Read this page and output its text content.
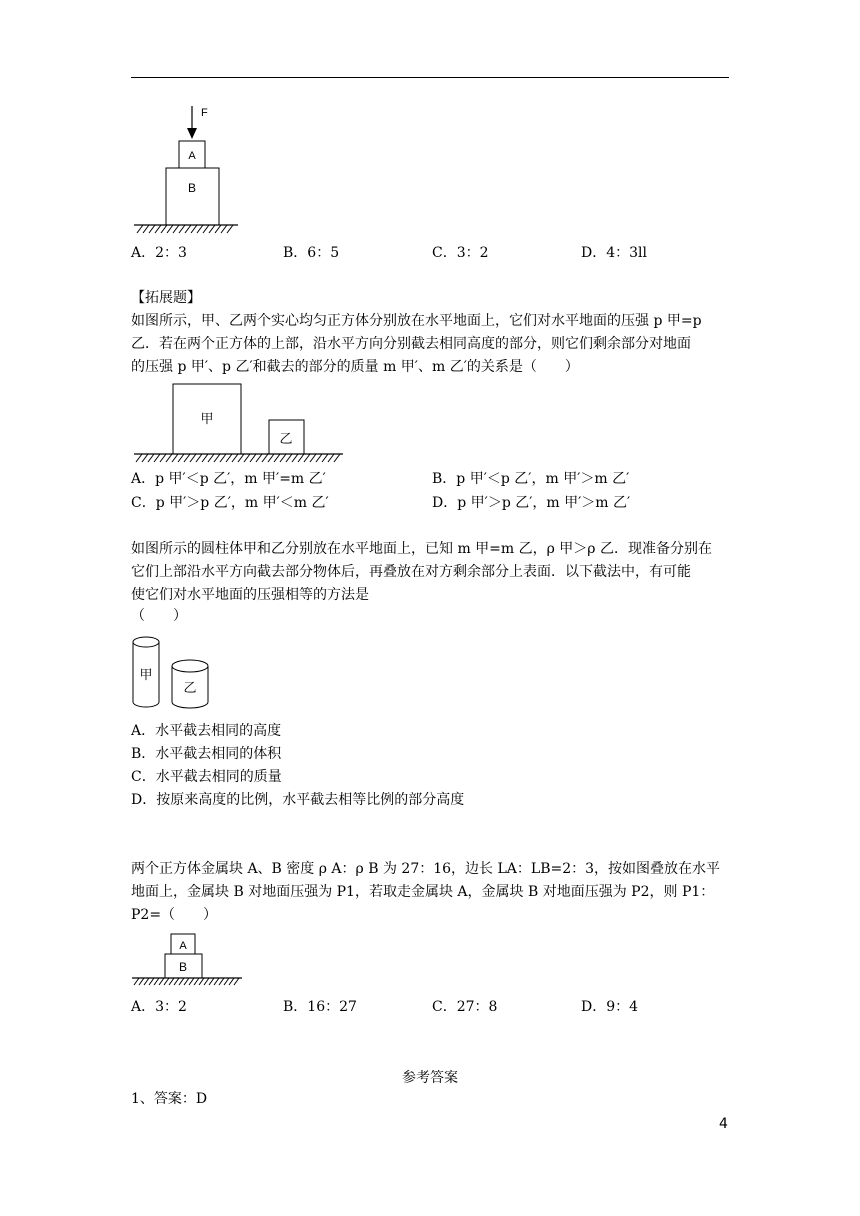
F
A
B
A．2：3	B．6：5	C．3：2	D．4：3ll
【拓展题】
如图所示，甲、乙两个实心均匀正方体分别放在水平地面上，它们对水平地面的压强 p 甲=p
乙．若在两个正方体的上部，沿水平方向分别截去相同高度的部分，则它们剩余部分对地面
的压强 p 甲′、p 乙′和截去的部分的质量 m 甲′、m 乙′的关系是（　　）
甲
乙
A．p 甲′＜p 乙′，m 甲′=m 乙′	B．p 甲′＜p 乙′，m 甲′＞m 乙′
C．p 甲′＞p 乙′，m 甲′＜m 乙′	D．p 甲′＞p 乙′，m 甲′＞m 乙′
如图所示的圆柱体甲和乙分别放在水平地面上，已知 m 甲=m 乙，ρ 甲＞ρ 乙．现准备分别在
它们上部沿水平方向截去部分物体后，再叠放在对方剩余部分上表面．以下截法中，有可能
使它们对水平地面的压强相等的方法是
（　　）
甲
乙
A．水平截去相同的高度
B．水平截去相同的体积
C．水平截去相同的质量
D．按原来高度的比例，水平截去相等比例的部分高度
两个正方体金属块 A、B 密度 ρ A：ρ B 为 27：16，边长 LA：LB=2：3，按如图叠放在水平
地面上，金属块 B 对地面压强为 P1，若取走金属块 A，金属块 B 对地面压强为 P2，则 P1：
P2=（　　）
A
B
A．3：2	B．16：27	C．27：8	D．9：4
参考答案
1、答案：D
4
